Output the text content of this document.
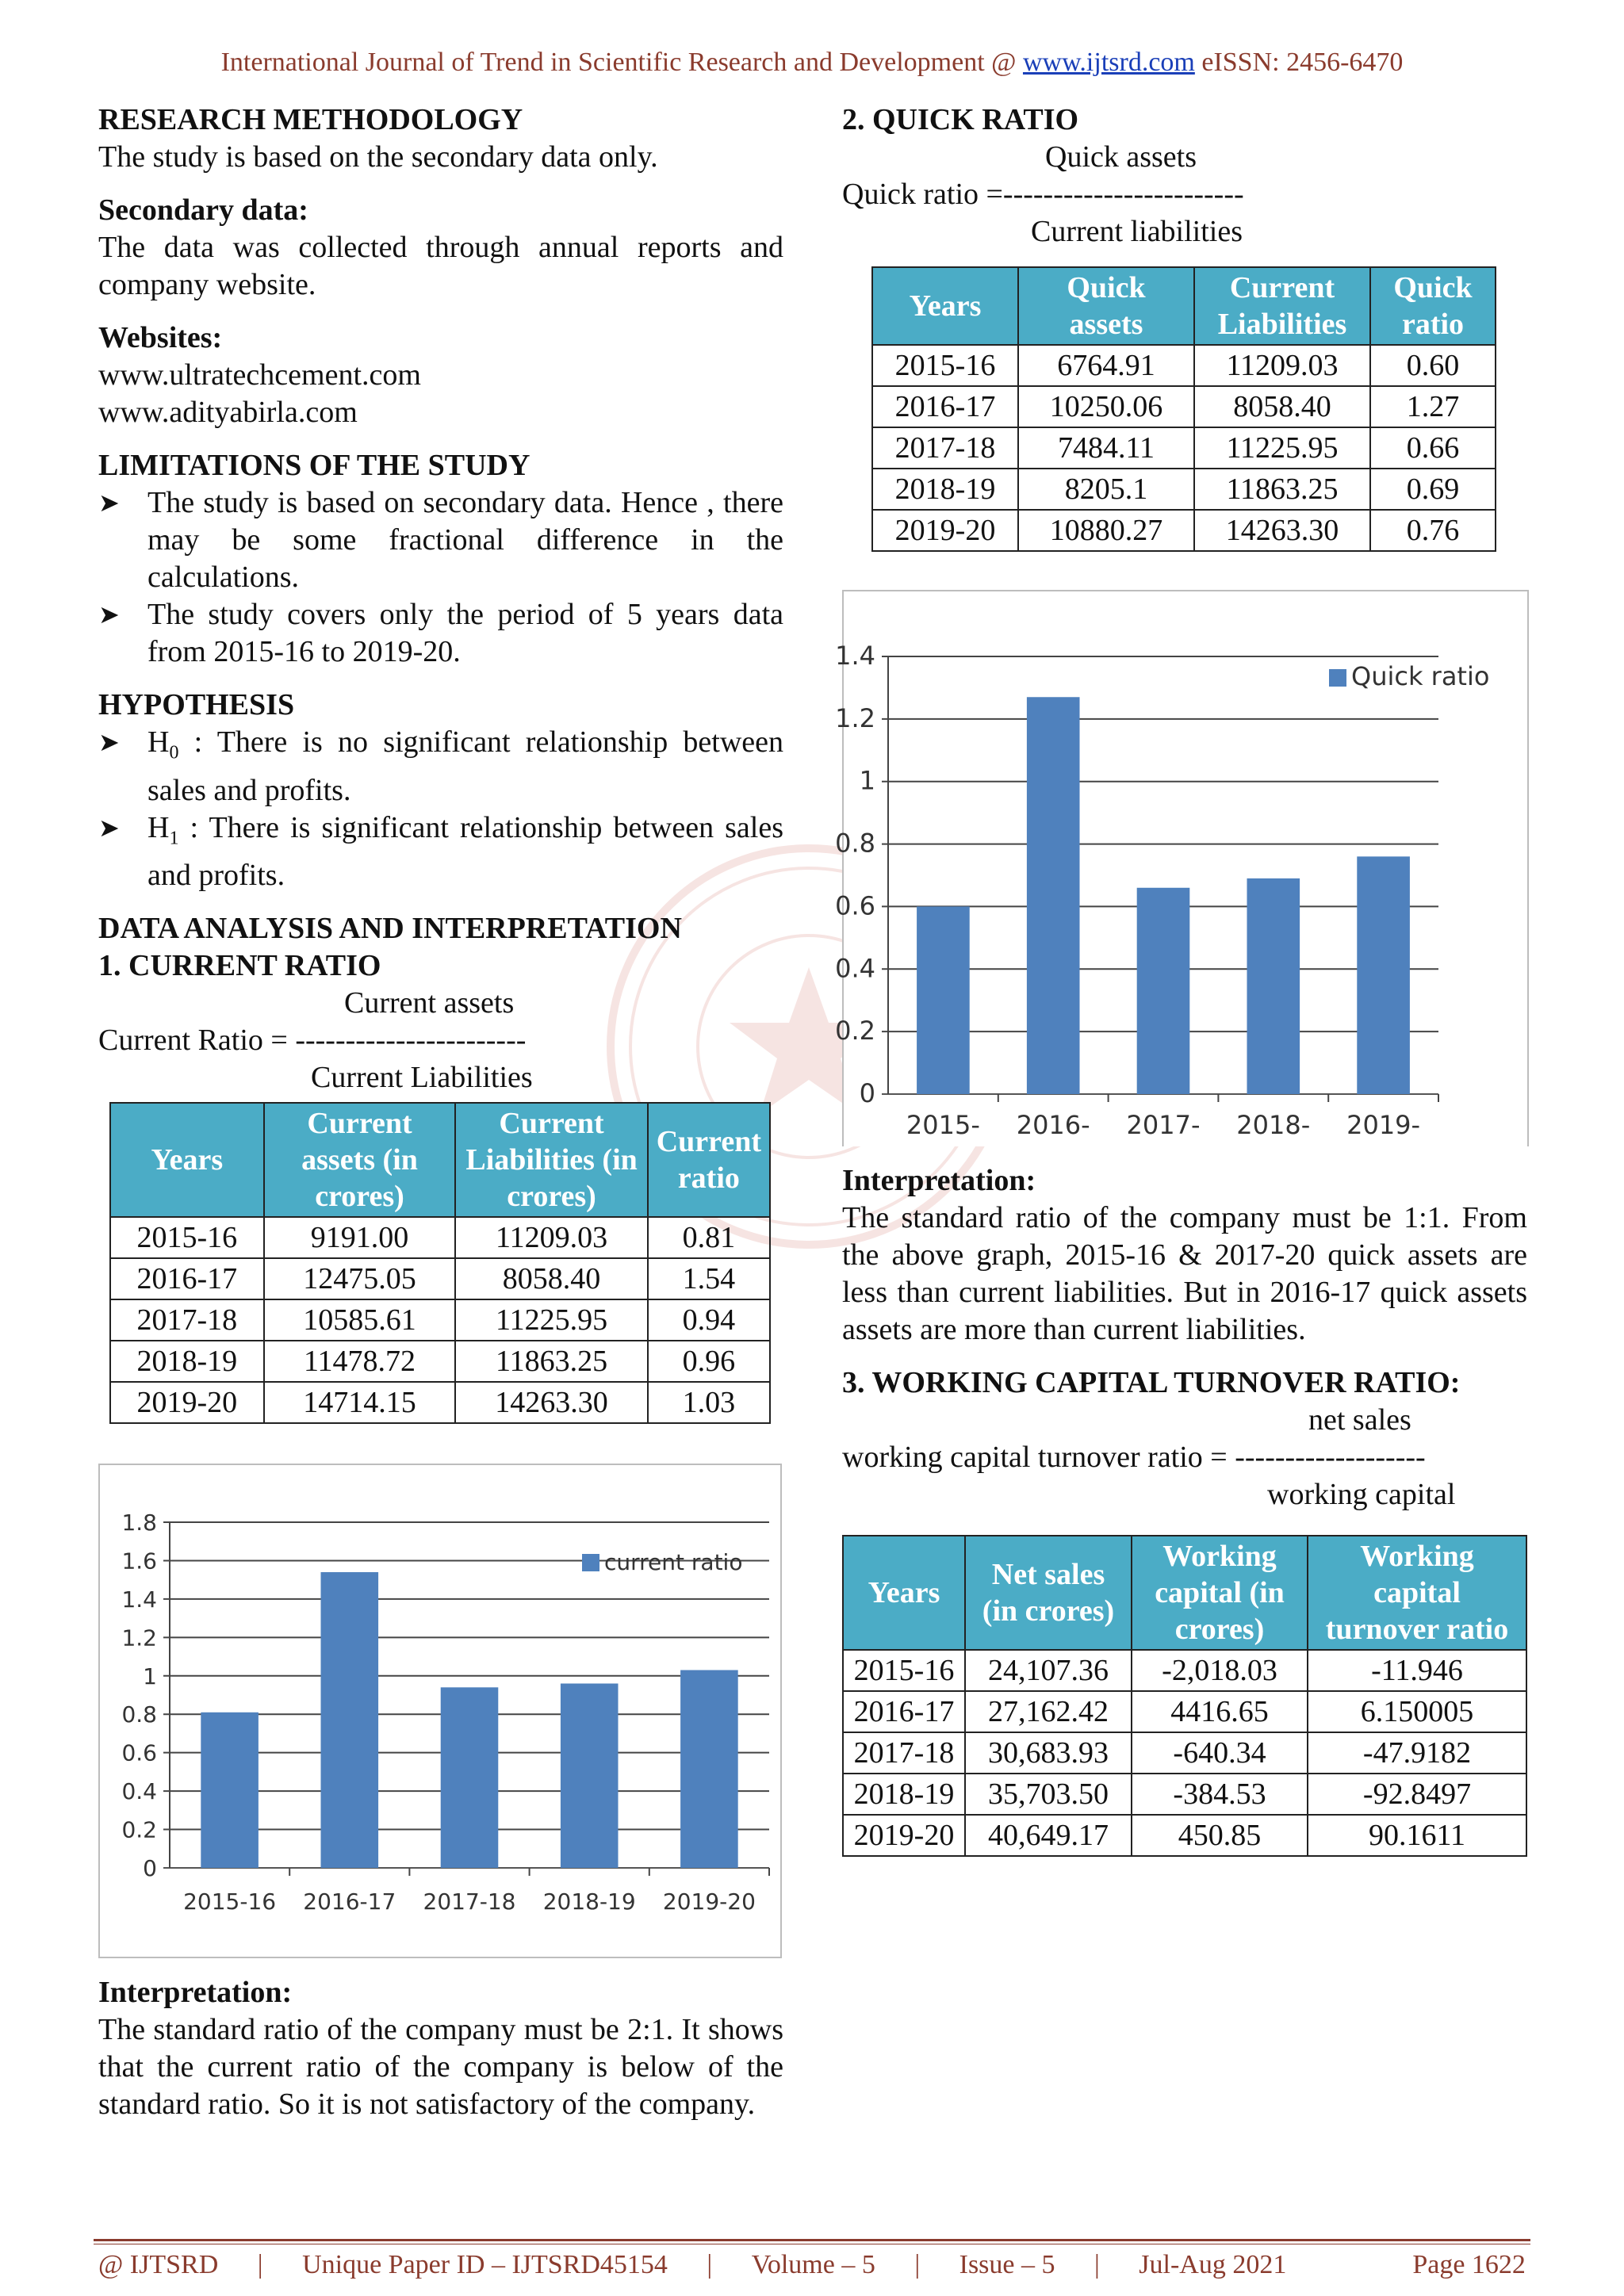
International Journal of Trend in Scientific Research and Development @ www.ijtsrd.com eISSN: 2456-6470

RESEARCH METHODOLOGY

The study is based on the secondary data only.

Secondary data:

The data was collected through annual reports and company website.

Websites:

www.ultratechcement.com

www.adityabirla.com

LIMITATIONS OF THE STUDY

➤ The study is based on secondary data. Hence , there may be some fractional difference in the calculations.
➤ The study covers only the period of 5 years data from 2015-16 to 2019-20.

HYPOTHESIS

➤ $H_0$ : There is no significant relationship between sales and profits.
➤ $H_1$ : There is significant relationship between sales and profits.

DATA ANALYSIS AND INTERPRETATION

1. CURRENT RATIO

Current assets
Current Ratio = -----------------------
Current Liabilities
Years	Current assets (in crores)	Current Liabilities (in crores)	Current ratio
2015-16	9191.00	11209.03	0.81
2016-17	12475.05	8058.40	1.54
2017-18	10585.61	11225.95	0.94
2018-19	11478.72	11863.25	0.96
2019-20	14714.15	14263.30	1.03
0
0.2
0.4
0.6
0.8
1
1.2
1.4
1.6
1.8
2015-16 2016-17 2017-18 2018-19 2019-20
current ratio

Interpretation:

The standard ratio of the company must be 2:1. It shows that the current ratio of the company is below of the standard ratio. So it is not satisfactory of the company.

2. QUICK RATIO

Quick assets
Quick ratio =------------------------
Current liabilities
Years	Quick assets	Current Liabilities	Quick ratio
2015-16	6764.91	11209.03	0.60
2016-17	10250.06	8058.40	1.27
2017-18	7484.11	11225.95	0.66
2018-19	8205.1	11863.25	0.69
2019-20	10880.27	14263.30	0.76
0
0.2
0.4
0.6
0.8
1
1.2
1.4
2015- 2016- 2017- 2018- 2019-
Quick ratio

Interpretation:

The standard ratio of the company must be 1:1. From the above graph, 2015-16 & 2017-20 quick assets are less than current liabilities. But in 2016-17 quick assets assets are more than current liabilities.

3. WORKING CAPITAL TURNOVER RATIO:

net sales
working capital turnover ratio = -------------------
working capital
Years	Net sales (in crores)	Working capital (in crores)	Working capital turnover ratio
2015-16	24,107.36	-2,018.03	-11.946
2016-17	27,162.42	4416.65	6.150005
2017-18	30,683.93	-640.34	-47.9182
2018-19	35,703.50	-384.53	-92.8497
2019-20	40,649.17	450.85	90.1611
@ IJTSRD | Unique Paper ID – IJTSRD45154 | Volume – 5 | Issue – 5 | Jul-Aug 2021	Page 1622
